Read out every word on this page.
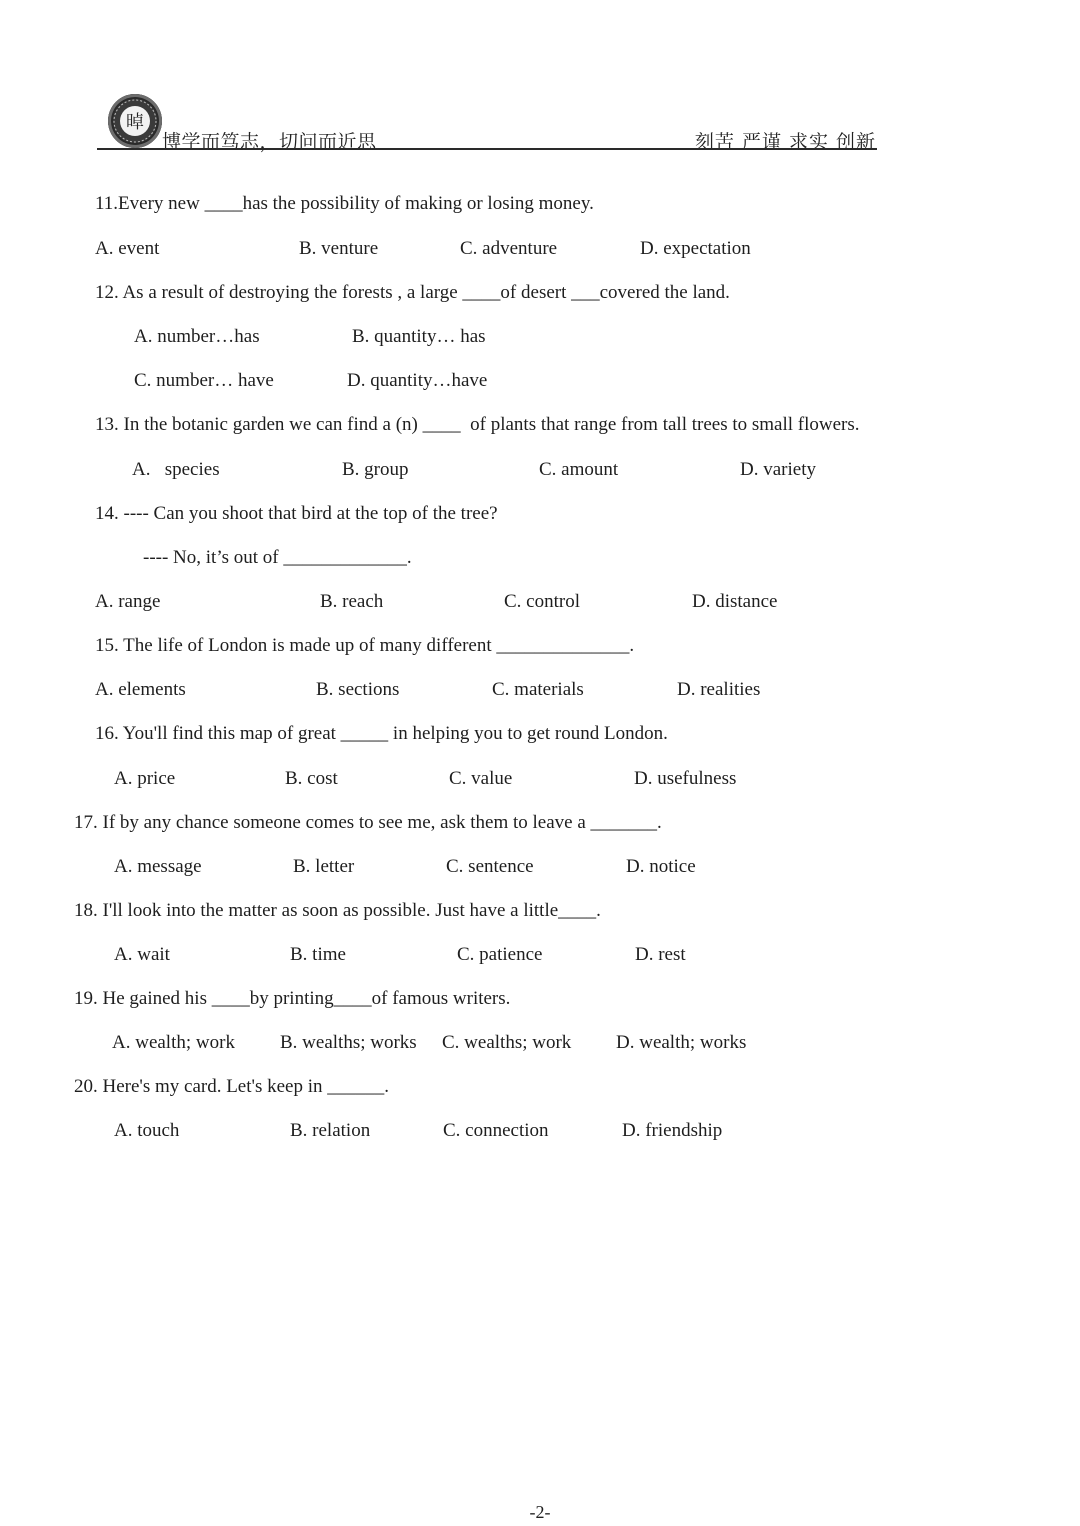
晫
博学而笃志，切问而近思	刻苦 严谨 求实 创新
11.Every new ____has the possibility of making or losing money.
A. event	B. venture	C. adventure	D. expectation
12. As a result of destroying the forests , a large ____of desert ___covered the land.
A. number…has	B. quantity… has
C. number… have	D. quantity…have
13. In the botanic garden we can find a (n) ____  of plants that range from tall trees to small flowers.
A.   species	B. group	C. amount	D. variety
14. ---- Can you shoot that bird at the top of the tree?
---- No, it’s out of _____________.
A. range	B. reach	C. control	D. distance
15. The life of London is made up of many different ______________.
A. elements	B. sections	C. materials	D. realities
16. You'll find this map of great _____ in helping you to get round London.
A. price	B. cost	C. value	D. usefulness
17. If by any chance someone comes to see me, ask them to leave a _______.
A. message	B. letter	C. sentence	D. notice
18. I'll look into the matter as soon as possible. Just have a little____.
A. wait	B. time	C. patience	D. rest
19. He gained his ____by printing____of famous writers.
A. wealth; work B. wealths; works C. wealths; work D. wealth; works
20. Here's my card. Let's keep in ______.
A. touch	B. relation	C. connection	D. friendship
-2-
